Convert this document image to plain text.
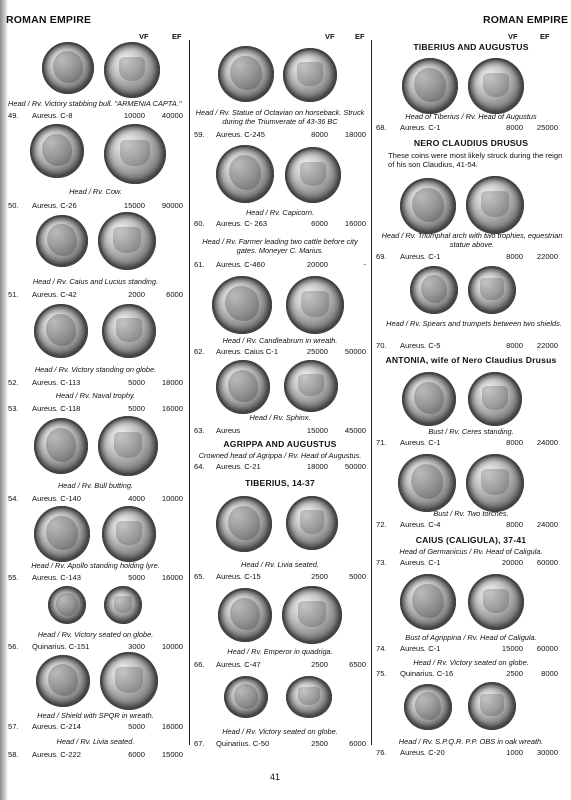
ROMAN EMPIRE
VF	EF	VF	EF
ROMAN EMPIRE
VF	EF
Head / Rv. Victory stabbing bull. "ARMENIA CAPTA."
49. Aureus. C-8	10000 40000
Head / Rv. Cow.
50. Aureus. C-26	15000 90000
Head / Rv. Caius and Lucius standing.
51. Aureus. C-42	2000	6000
Head / Rv. Victory standing on globe.
52. Aureus. C-113	5000 18000
Head / Rv. Naval trophy.
53. Aureus. C-118	5000 16000
Head / Rv. Bull butting.
54. Aureus. C-140	4000 10000
Head / Rv. Apollo standing holding lyre.
55. Aureus. C-143	5000 16000
Head / Rv. Victory seated on globe.
56. Quinarius. C-151	3000 10000
Head / Shield with SPQR in wreath.
57. Aureus. C-214	5000 16000
Head / Rv. Livia seated.
58. Aureus. C-222	6000 15000
Head / Rv. Statue of Octavian on horseback. Struck during the Triumverate of 43-36 BC
59. Aureus. C-245	8000 18000
Head / Rv. Capicorn.
60. Aureus. C- 263	6000 16000
Head / Rv. Farmer leading two cattle before city gates. Moneyer C. Marius.
61. Aureus. C-460	20000	-
Head / Rv. Candleabrum in wreath.
62. Aureus. Caius C-1	25000 50000
Head / Rv. Sphinx.
63. Aureus	15000 45000
AGRIPPA AND AUGUSTUS
Crowned head of Agrippa / Rv. Head of Augustus.
64. Aureus. C-21	18000 50000
TIBERIUS, 14-37
Head / Rv. Livia seated.
65. Aureus. C-15	2500	5000
Head / Rv. Emperor in quadriga.
66. Aureus. C-47	2500	6500
Head / Rv. Victory seated on globe.
67. Quinarius. C-50	2500	6000
TIBERIUS AND AUGUSTUS
Head of Tiberius / Rv. Head of Augustus
68. Aureus. C-1	8000 25000
NERO CLAUDIUS DRUSUS
These coins were most likely struck during the reign of his son Claudius, 41-54.
Head / Rv. Triumphal arch with two trophies, equestrian statue above.
69. Aureus. C-1	8000 22000
Head / Rv. Spears and trumpets between two shields.
70. Aureus. C-5	8000 22000
ANTONIA, wife of Nero Claudius Drusus
Bust / Rv. Ceres standing.
71. Aureus. C-1	8000 24000
Bust / Rv. Two torches.
72. Aureus. C-4	8000 24000
CAIUS (CALIGULA), 37-41
Head of Germanicus / Rv. Head of Caligula.
73. Aureus. C-1	20000 60000
Bust of Agrippina / Rv. Head of Caligula.
74. Aureus. C-1	15000 60000
Head / Rv. Victory seated on globe.
75. Quinarius. C-16	2500 8000
Head / Rv. S.P.Q.R. P.P. OBS in oak wreath.
76. Aureus. C-20	1000 30000
41
